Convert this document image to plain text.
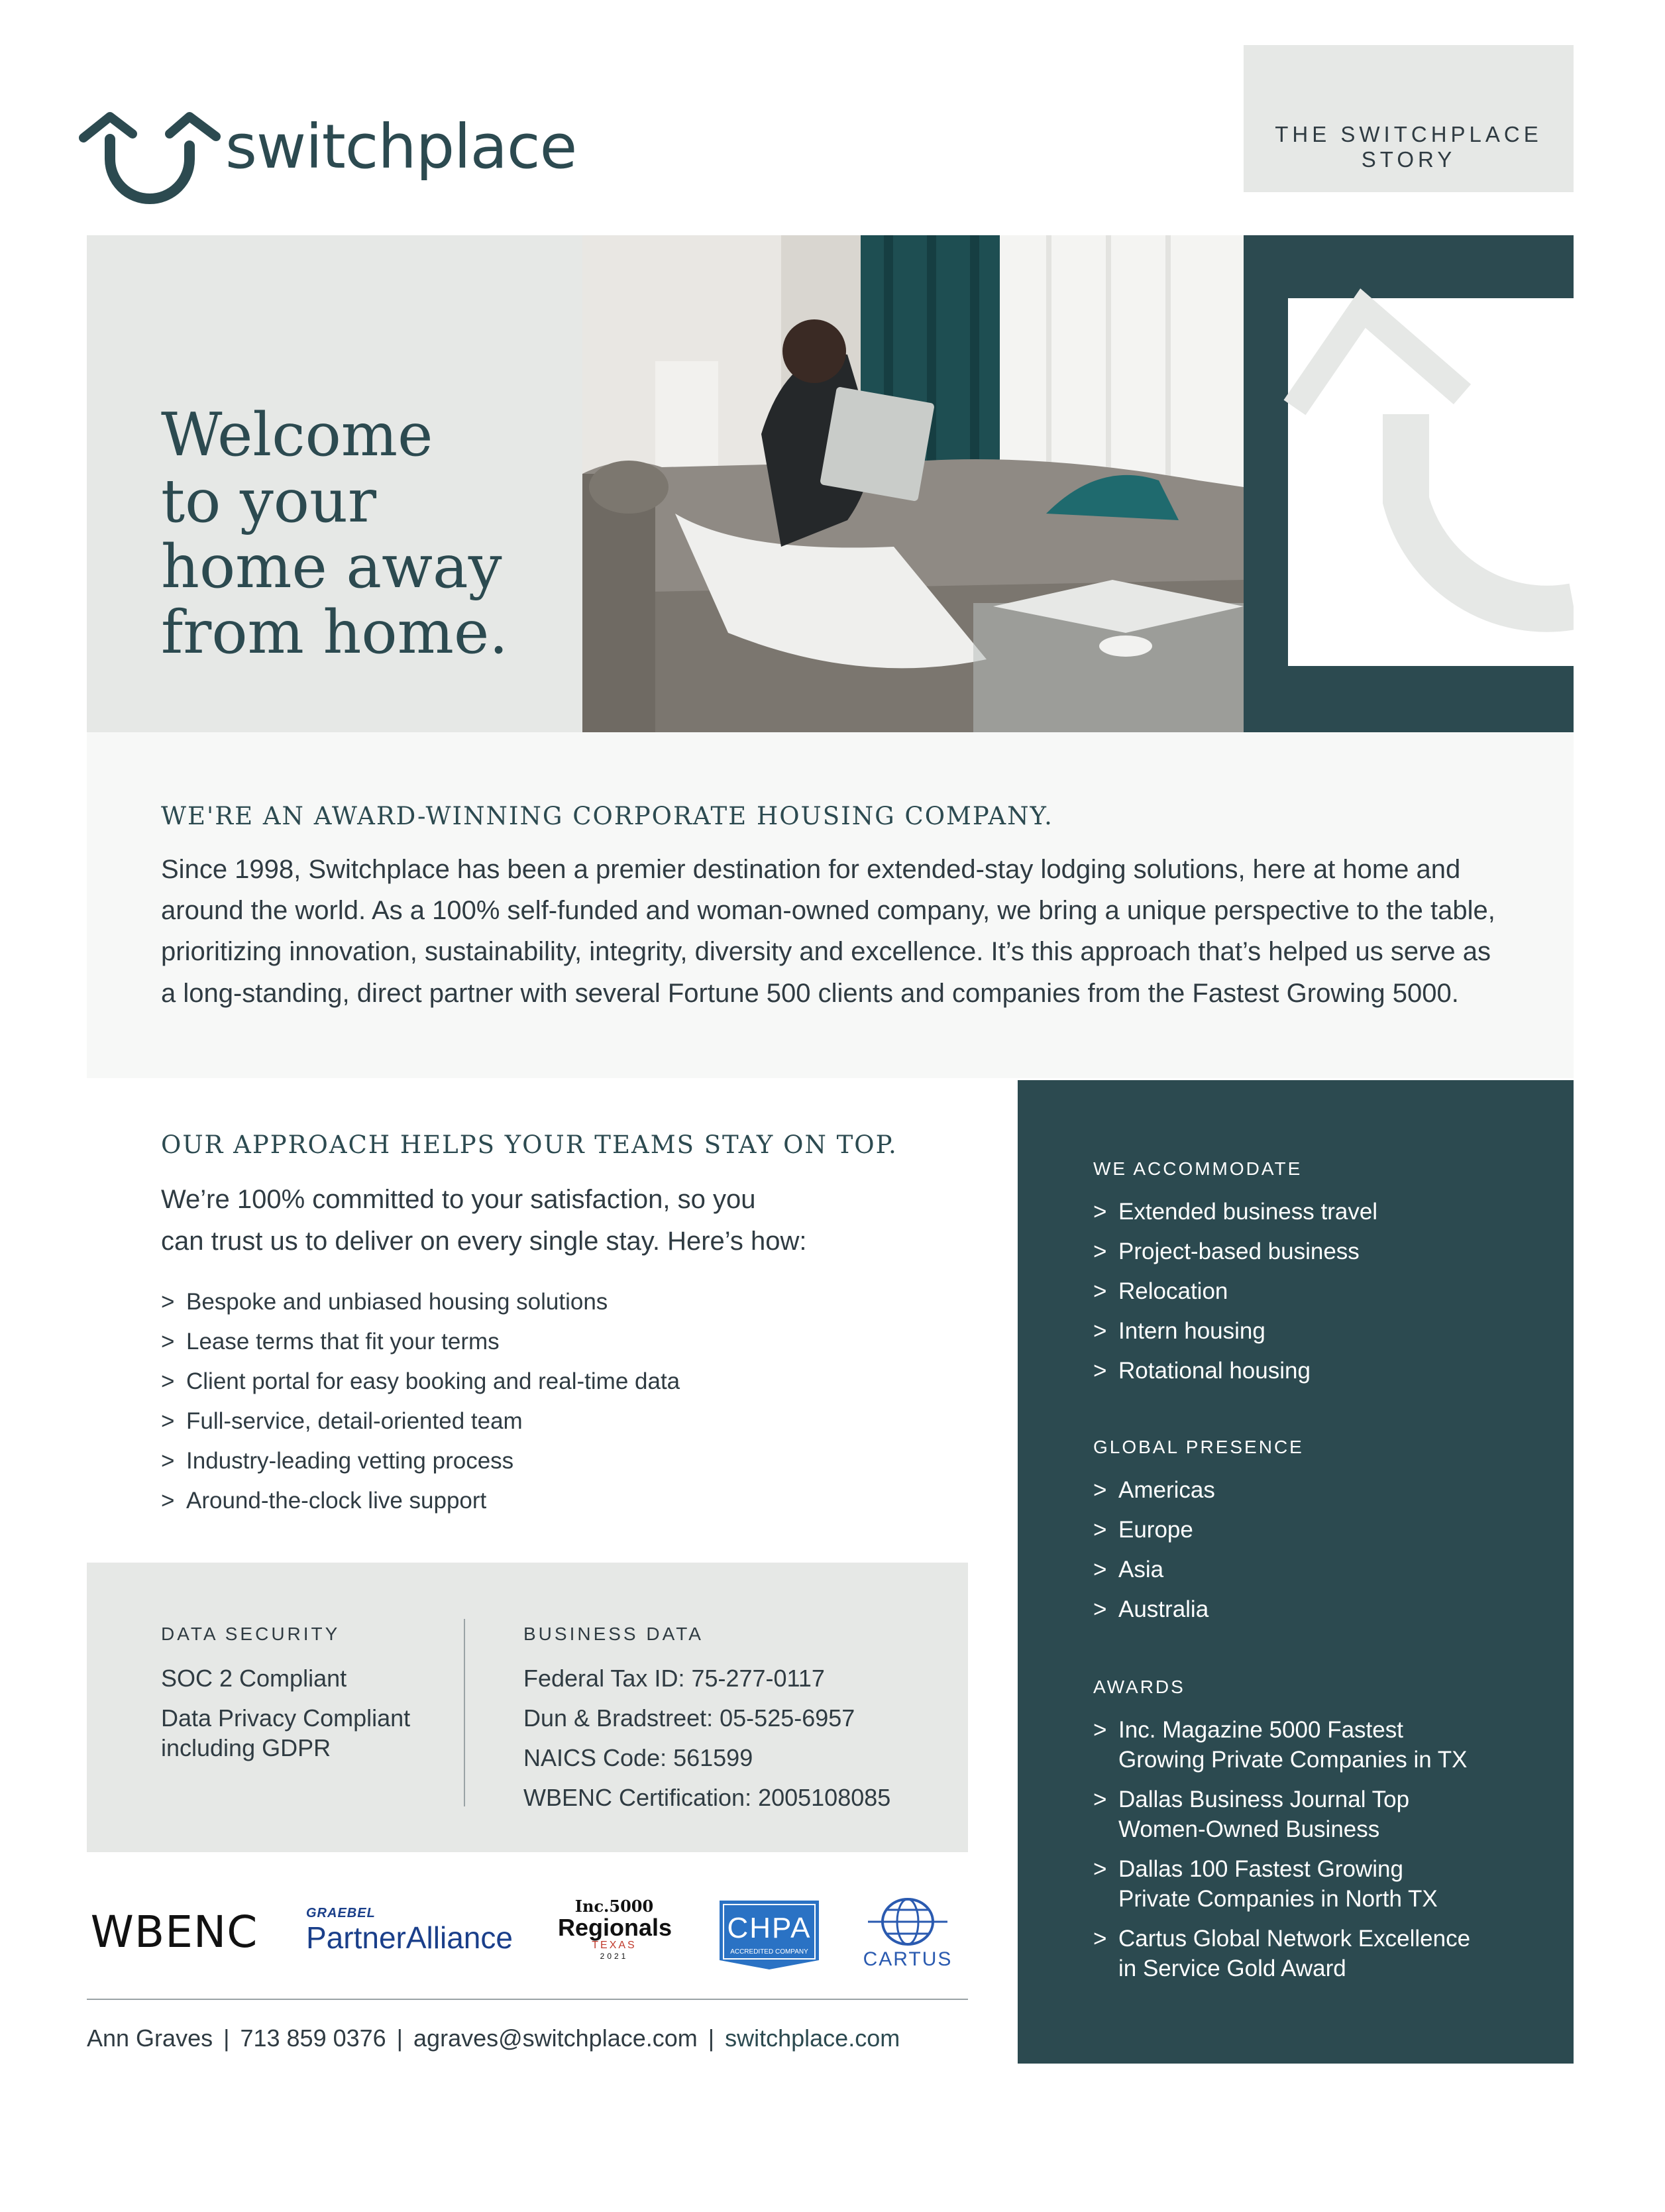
switchplace	THE SWITCHPLACE
STORY
Welcome
to your
home away
from home.
WE'RE AN AWARD-WINNING CORPORATE HOUSING COMPANY.
Since 1998, Switchplace has been a premier destination for extended-stay lodging solutions, here at home and
around the world. As a 100% self-funded and woman-owned company, we bring a unique perspective to the table,
prioritizing innovation, sustainability, integrity, diversity and excellence. It’s this approach that’s helped us serve as
a long-standing, direct partner with several Fortune 500 clients and companies from the Fastest Growing 5000.
OUR APPROACH HELPS YOUR TEAMS STAY ON TOP.
We’re 100% committed to your satisfaction, so you
can trust us to deliver on every single stay. Here’s how:
> Bespoke and unbiased housing solutions
> Lease terms that fit your terms
> Client portal for easy booking and real-time data
> Full-service, detail-oriented team
> Industry-leading vetting process
> Around-the-clock live support
DATA SECURITY
SOC 2 Compliant
Data Privacy Compliant
including GDPR
BUSINESS DATA
Federal Tax ID: 75-277-0117
Dun & Bradstreet: 05-525-6957
NAICS Code: 561599
WBENC Certification: 2005108085
WBENC	GRAEBEL
PartnerAlliance
Inc.5000
Regionals
TEXAS
2021
CHPA
ACCREDITED COMPANY	CARTUS
Ann Graves | 713 859 0376 | agraves@switchplace.com | switchplace.com
WE ACCOMMODATE
> Extended business travel
> Project-based business
> Relocation
> Intern housing
> Rotational housing
GLOBAL PRESENCE
> Americas
> Europe
> Asia
> Australia
AWARDS
> Inc. Magazine 5000 Fastest
Growing Private Companies in TX
> Dallas Business Journal Top
Women-Owned Business
> Dallas 100 Fastest Growing
Private Companies in North TX
> Cartus Global Network Excellence
in Service Gold Award
